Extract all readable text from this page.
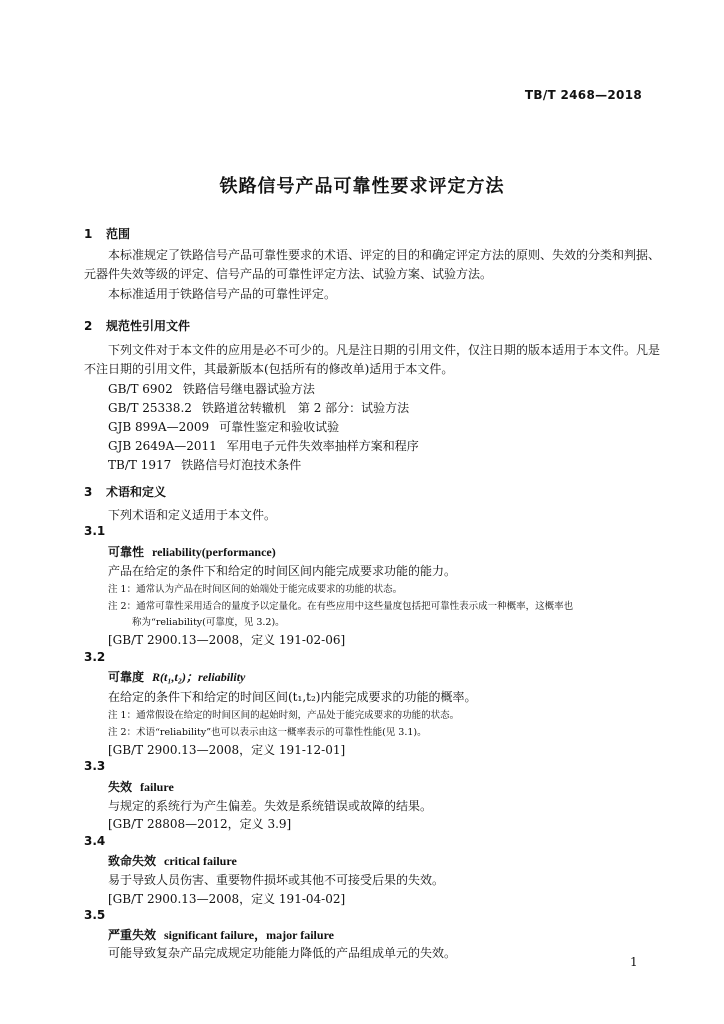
TB/T 2468—2018
铁路信号产品可靠性要求评定方法
1 范围
本标准规定了铁路信号产品可靠性要求的术语、评定的目的和确定评定方法的原则、失效的分类和判据、元器件失效等级的评定、信号产品的可靠性评定方法、试验方案、试验方法。
本标准适用于铁路信号产品的可靠性评定。
2 规范性引用文件
下列文件对于本文件的应用是必不可少的。凡是注日期的引用文件，仅注日期的版本适用于本文件。凡是不注日期的引用文件，其最新版本(包括所有的修改单)适用于本文件。
GB/T 6902 铁路信号继电器试验方法
GB/T 25338.2 铁路道岔转辙机　第 2 部分：试验方法
GJB 899A—2009 可靠性鉴定和验收试验
GJB 2649A—2011 军用电子元件失效率抽样方案和程序
TB/T 1917 铁路信号灯泡技术条件
3 术语和定义
下列术语和定义适用于本文件。
3.1
可靠性 reliability(performance)
产品在给定的条件下和给定的时间区间内能完成要求功能的能力。
注 1：通常认为产品在时间区间的始端处于能完成要求的功能的状态。
注 2：通常可靠性采用适合的量度予以定量化。在有些应用中这些量度包括把可靠性表示成一种概率，这概率也
称为“reliability(可靠度，见 3.2)。
[GB/T 2900.13—2008，定义 191-02-06]
3.2
可靠度 R(t₁,t₂)；reliability
在给定的条件下和给定的时间区间(t₁,t₂)内能完成要求的功能的概率。
注 1：通常假设在给定的时间区间的起始时刻，产品处于能完成要求的功能的状态。
注 2：术语“reliability”也可以表示由这一概率表示的可靠性性能(见 3.1)。
[GB/T 2900.13—2008，定义 191-12-01]
3.3
失效 failure
与规定的系统行为产生偏差。失效是系统错误或故障的结果。
[GB/T 28808—2012，定义 3.9]
3.4
致命失效 critical failure
易于导致人员伤害、重要物件损坏或其他不可接受后果的失效。
[GB/T 2900.13—2008，定义 191-04-02]
3.5
严重失效 significant failure，major failure
可能导致复杂产品完成规定功能能力降低的产品组成单元的失效。
1
